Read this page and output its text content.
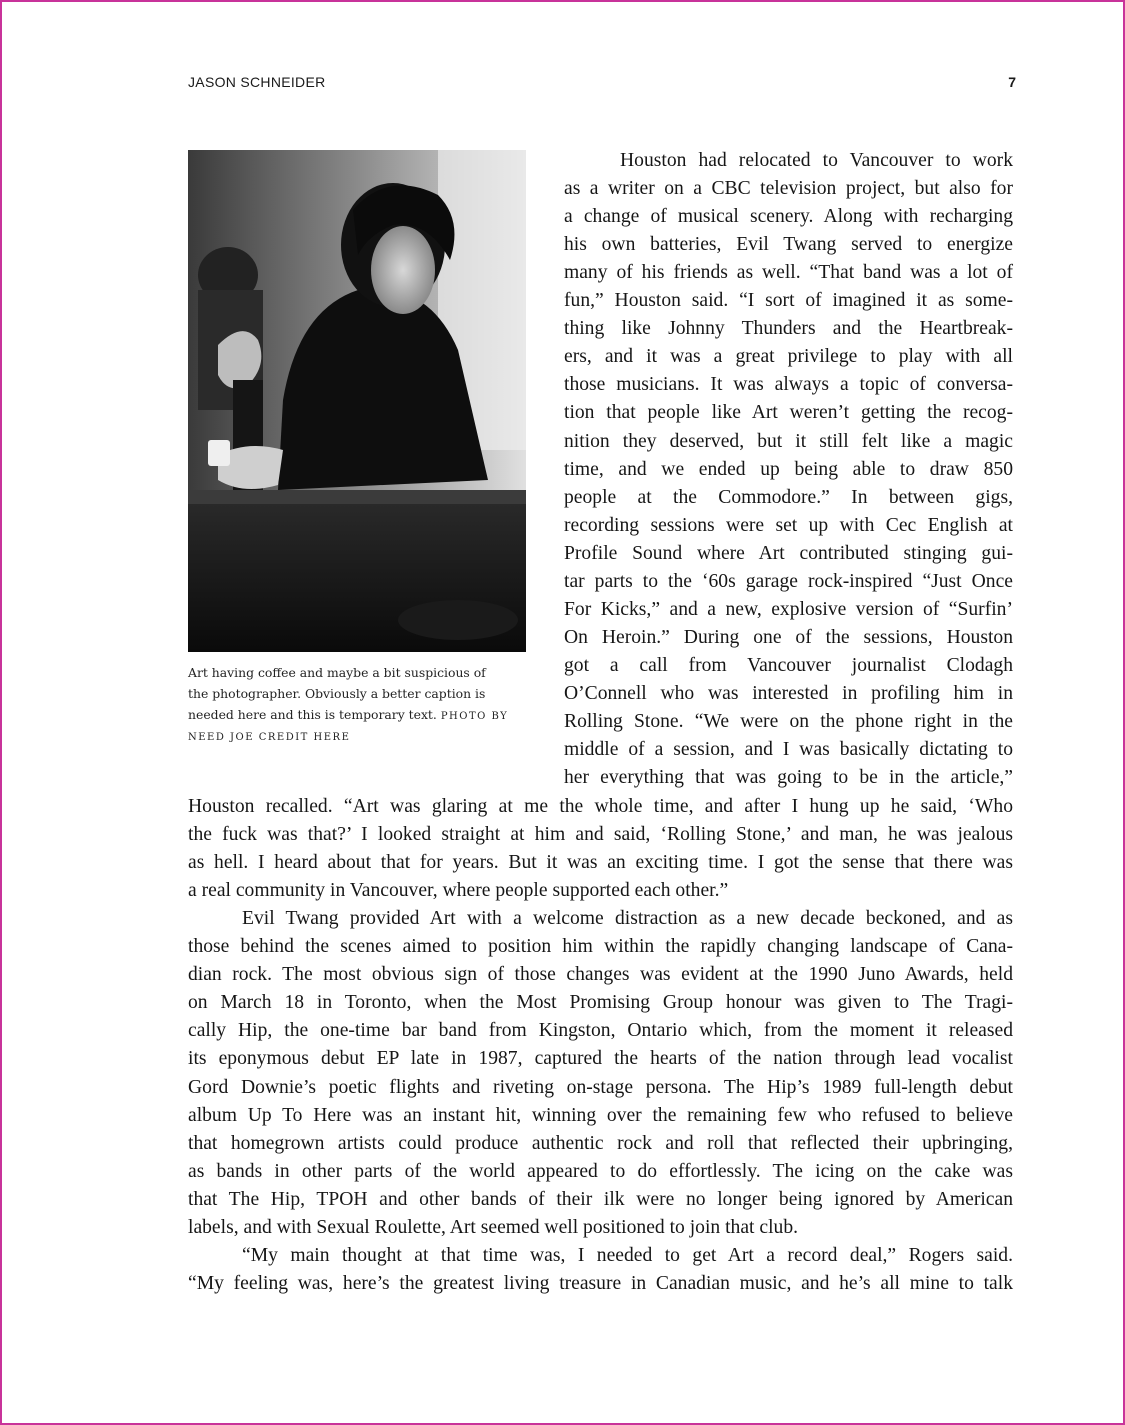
JASON SCHNEIDER	7
Art having coffee and maybe a bit suspicious of
the photographer. Obviously a better caption is
needed here and this is temporary text. PHOTO BY
NEED JOE CREDIT HERE
Houston had relocated to Vancouver to work
as a writer on a CBC television project, but also for
a change of musical scenery. Along with recharging
his own batteries, Evil Twang served to energize
many of his friends as well. “That band was a lot of
fun,” Houston said. “I sort of imagined it as some-
thing like Johnny Thunders and the Heartbreak-
ers, and it was a great privilege to play with all
those musicians. It was always a topic of conversa-
tion that people like Art weren’t getting the recog-
nition they deserved, but it still felt like a magic
time, and we ended up being able to draw 850
people at the Commodore.” In between gigs,
recording sessions were set up with Cec English at
Profile Sound where Art contributed stinging gui-
tar parts to the ‘60s garage rock-inspired “Just Once
For Kicks,” and a new, explosive version of “Surfin’
On Heroin.” During one of the sessions, Houston
got a call from Vancouver journalist Clodagh
O’Connell who was interested in profiling him in
Rolling Stone. “We were on the phone right in the
middle of a session, and I was basically dictating to
her everything that was going to be in the article,”
Houston recalled. “Art was glaring at me the whole time, and after I hung up he said, ‘Who
the fuck was that?’ I looked straight at him and said, ‘Rolling Stone,’ and man, he was jealous
as hell. I heard about that for years. But it was an exciting time. I got the sense that there was
a real community in Vancouver, where people supported each other.”
Evil Twang provided Art with a welcome distraction as a new decade beckoned, and as
those behind the scenes aimed to position him within the rapidly changing landscape of Cana-
dian rock. The most obvious sign of those changes was evident at the 1990 Juno Awards, held
on March 18 in Toronto, when the Most Promising Group honour was given to The Tragi-
cally Hip, the one-time bar band from Kingston, Ontario which, from the moment it released
its eponymous debut EP late in 1987, captured the hearts of the nation through lead vocalist
Gord Downie’s poetic flights and riveting on-stage persona. The Hip’s 1989 full-length debut
album Up To Here was an instant hit, winning over the remaining few who refused to believe
that homegrown artists could produce authentic rock and roll that reflected their upbringing,
as bands in other parts of the world appeared to do effortlessly. The icing on the cake was
that The Hip, TPOH and other bands of their ilk were no longer being ignored by American
labels, and with Sexual Roulette, Art seemed well positioned to join that club.
“My main thought at that time was, I needed to get Art a record deal,” Rogers said.
“My feeling was, here’s the greatest living treasure in Canadian music, and he’s all mine to talk
